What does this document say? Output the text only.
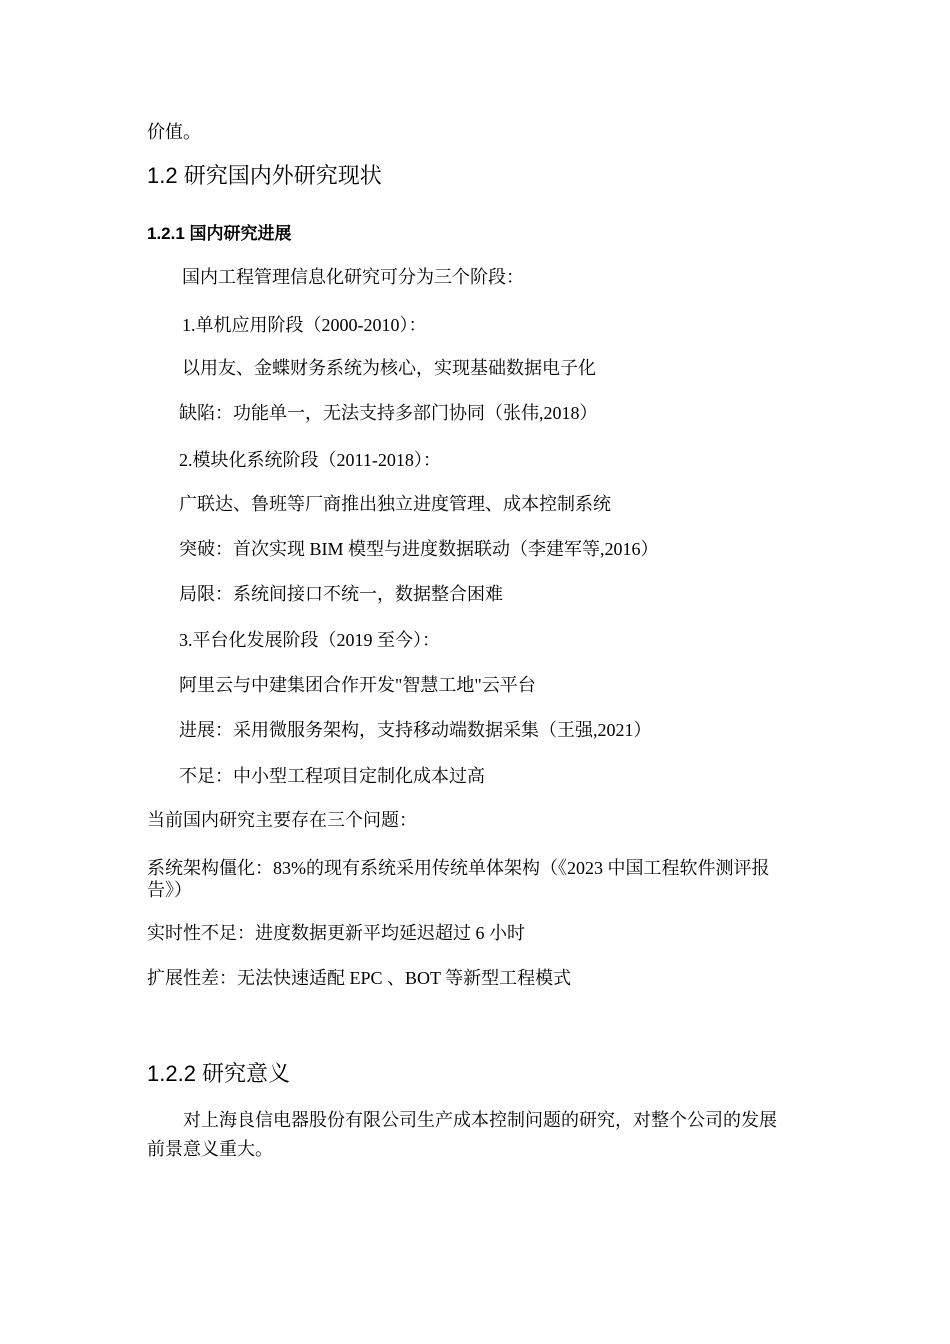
价值。
1.2 研究国内外研究现状
1.2.1 国内研究进展
国内工程管理信息化研究可分为三个阶段：
1.单机应用阶段（2000-2010）：
以用友、金蝶财务系统为核心，实现基础数据电子化
缺陷：功能单一，无法支持多部门协同（张伟,2018）
2.模块化系统阶段（2011-2018）：
广联达、鲁班等厂商推出独立进度管理、成本控制系统
突破：首次实现 BIM 模型与进度数据联动（李建军等,2016）
局限：系统间接口不统一，数据整合困难
3.平台化发展阶段（2019 至今）：
阿里云与中建集团合作开发"智慧工地"云平台
进展：采用微服务架构，支持移动端数据采集（王强,2021）
不足：中小型工程项目定制化成本过高
当前国内研究主要存在三个问题：
系统架构僵化：83%的现有系统采用传统单体架构（《2023 中国工程软件测评报 告》）
实时性不足：进度数据更新平均延迟超过 6 小时
扩展性差：无法快速适配 EPC 、BOT 等新型工程模式
1.2.2 研究意义
对上海良信电器股份有限公司生产成本控制问题的研究，对整个公司的发展 前景意义重大。
